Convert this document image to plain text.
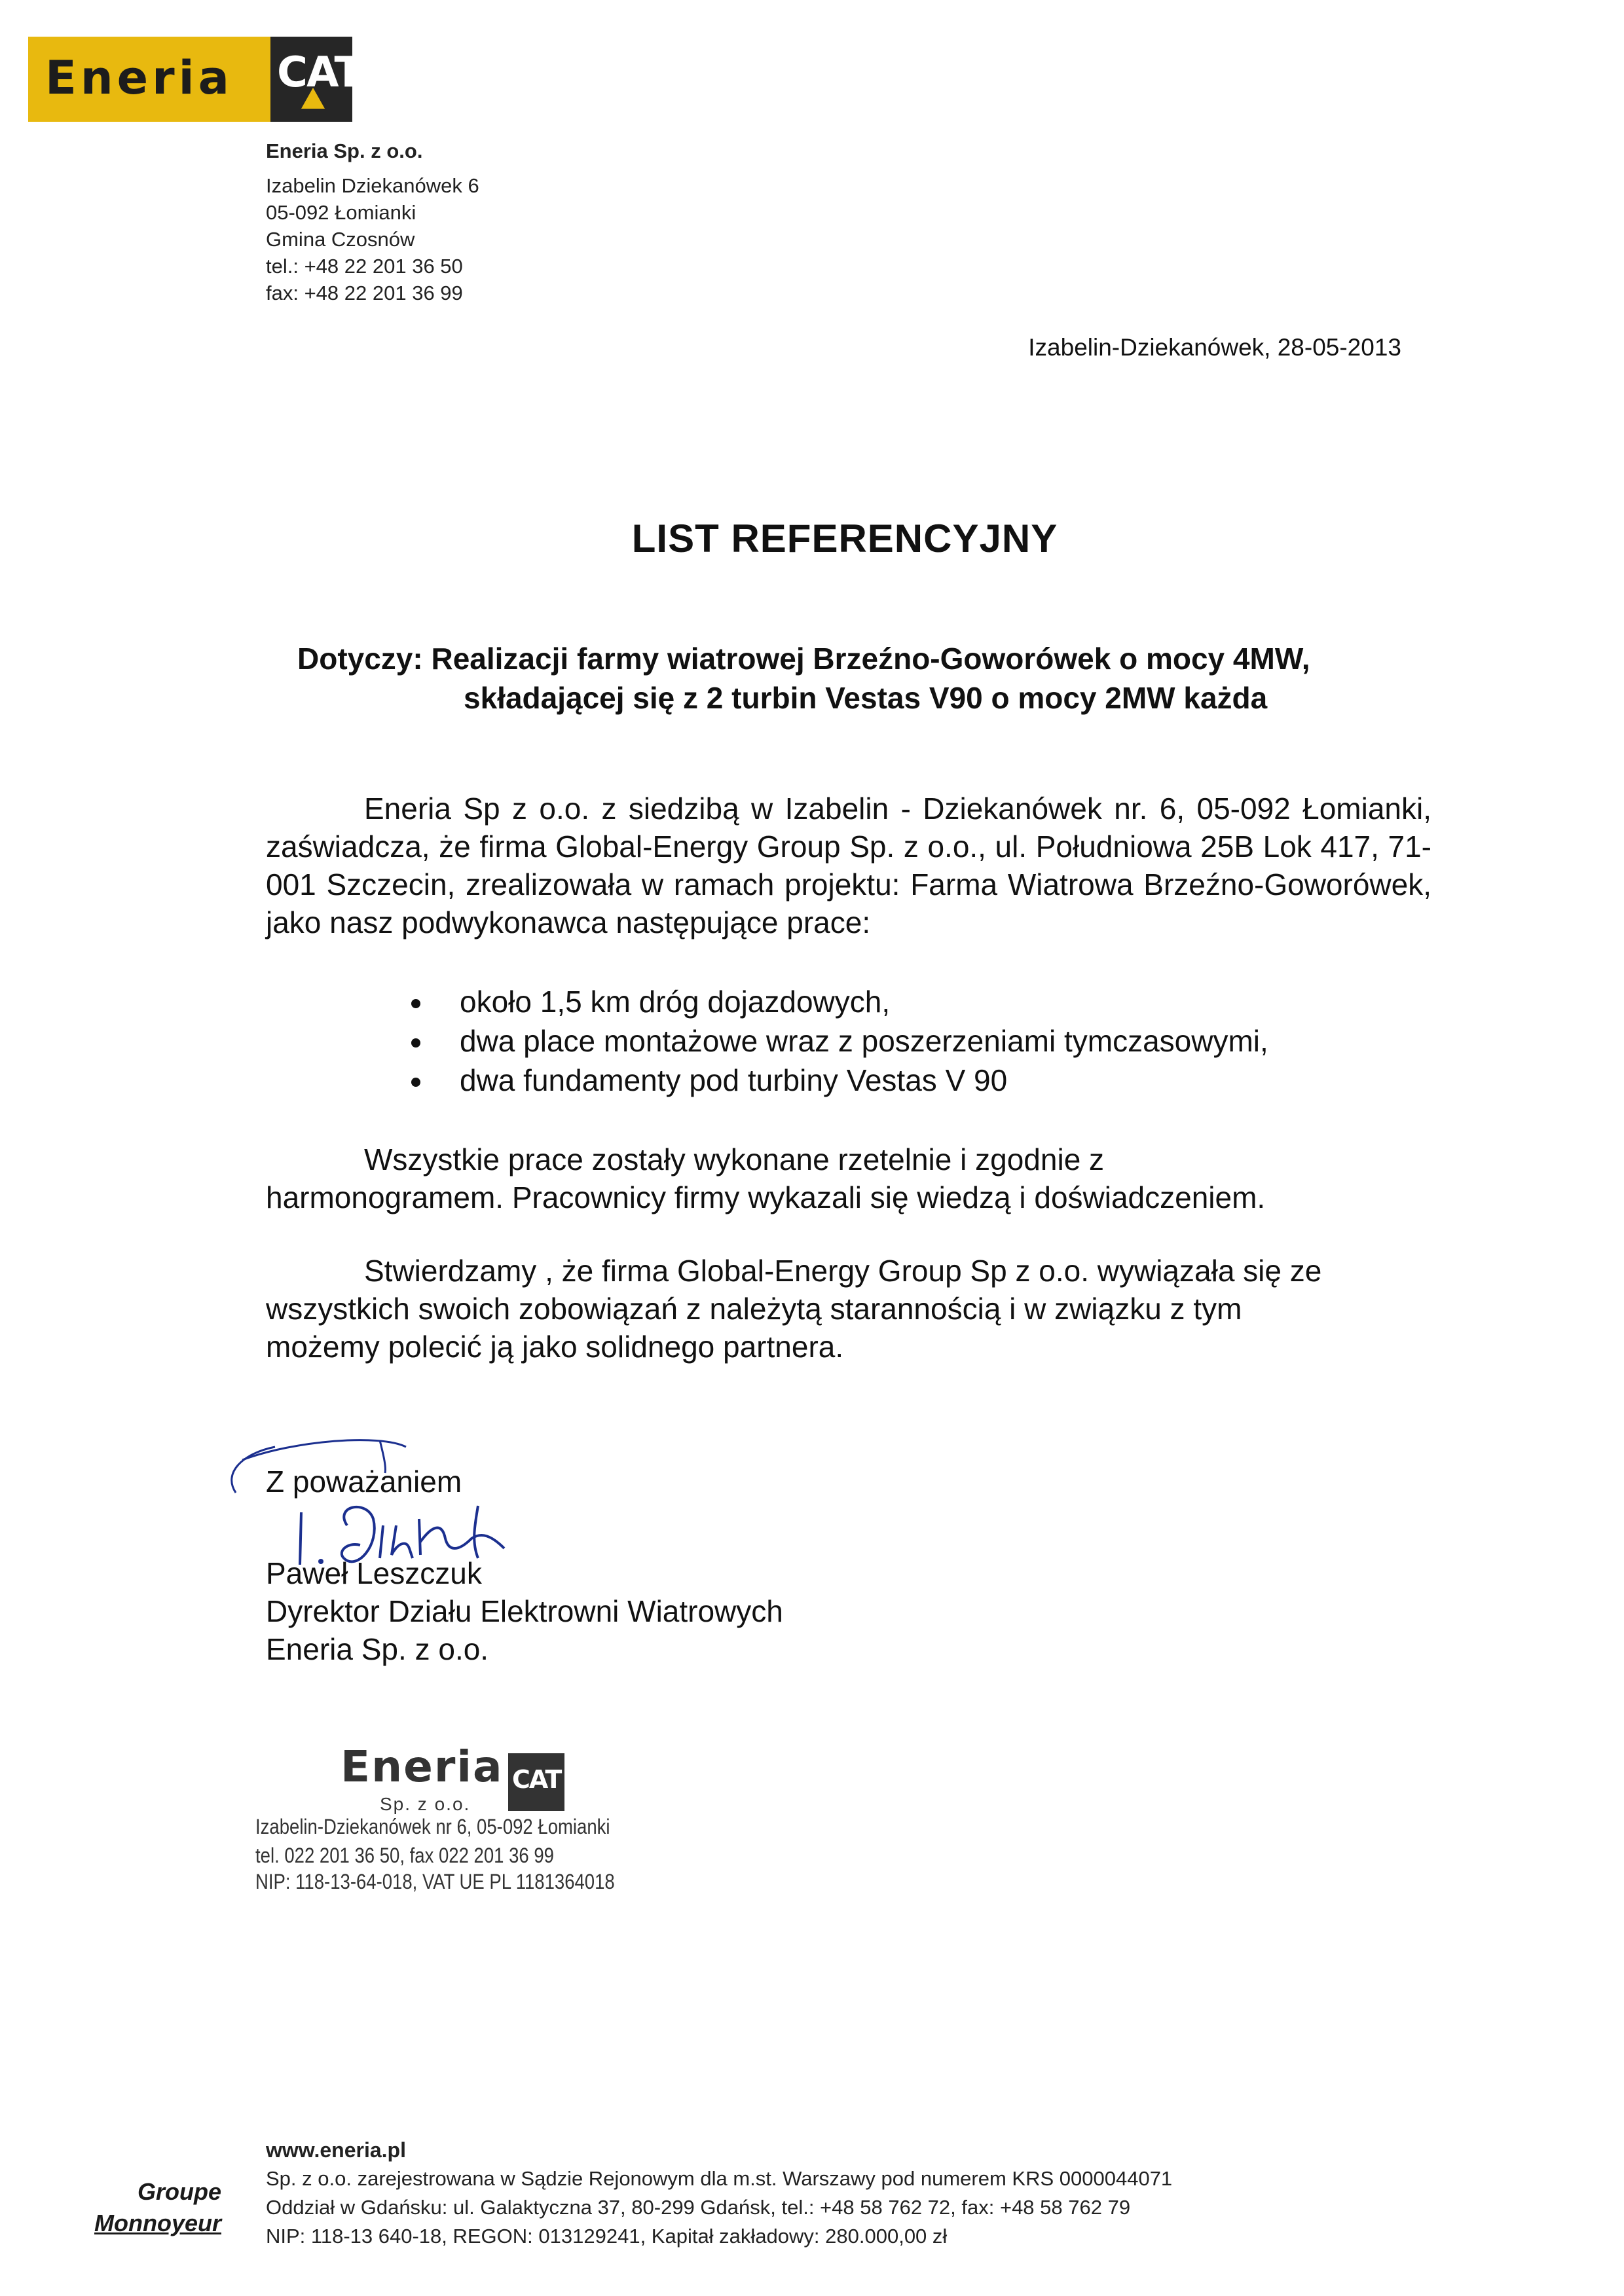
Eneria CAT
Eneria Sp. z o.o.
Izabelin Dziekanówek 6
05-092 Łomianki
Gmina Czosnów
tel.: +48 22 201 36 50
fax: +48 22 201 36 99
Izabelin-Dziekanówek, 28-05-2013
LIST REFERENCYJNY
Dotyczy: Realizacji farmy wiatrowej Brzeźno-Goworówek o mocy 4MW,
składającej się z 2 turbin Vestas V90 o mocy 2MW każda
Eneria Sp z o.o. z siedzibą w Izabelin - Dziekanówek nr. 6, 05-092 Łomianki, zaświadcza, że firma Global-Energy Group Sp. z o.o., ul. Południowa 25B Lok 417, 71-001 Szczecin, zrealizowała w ramach projektu: Farma Wiatrowa Brzeźno-Goworówek, jako nasz podwykonawca następujące prace:
około 1,5 km dróg dojazdowych,
dwa place montażowe wraz z poszerzeniami tymczasowymi,
dwa fundamenty pod turbiny Vestas V 90
Wszystkie prace zostały wykonane rzetelnie i zgodnie z
harmonogramem. Pracownicy firmy wykazali się wiedzą i doświadczeniem.
Stwierdzamy , że firma Global-Energy Group Sp z o.o. wywiązała się ze
wszystkich swoich zobowiązań z należytą starannością i w związku z tym
możemy polecić ją jako solidnego partnera.
Z poważaniem
Paweł Leszczuk
Dyrektor Działu Elektrowni Wiatrowych
Eneria Sp. z o.o.
Eneria CAT
Sp. z o.o.
Izabelin-Dziekanówek nr 6, 05-092 Łomianki
tel. 022 201 36 50, fax 022 201 36 99
NIP: 118-13-64-018, VAT UE PL 1181364018
Groupe
Monnoyeur
www.eneria.pl
Sp. z o.o. zarejestrowana w Sądzie Rejonowym dla m.st. Warszawy pod numerem KRS 0000044071
Oddział w Gdańsku: ul. Galaktyczna 37, 80-299 Gdańsk, tel.: +48 58 762 72, fax: +48 58 762 79
NIP: 118-13 640-18, REGON: 013129241, Kapitał zakładowy: 280.000,00 zł
